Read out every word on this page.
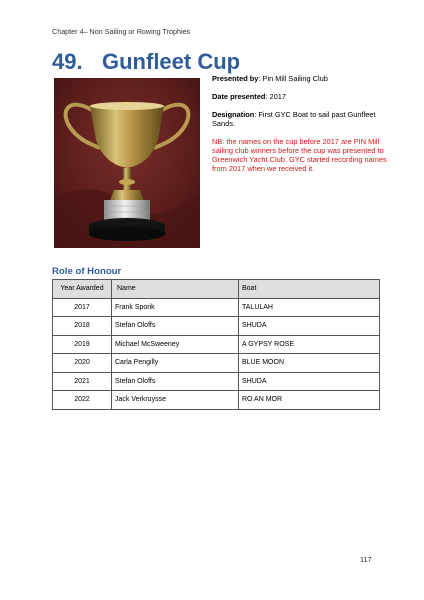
Chapter 4– Non Sailing or Rowing Trophies
49. Gunfleet Cup

Presented by: Pin Mill Sailing Club

Date presented: 2017

Designation: First GYC Boat to sail past Gunfleet Sands.

NB: the names on the cup before 2017 are PIN Mill sailing club winners before the cup was presented to Greenwich Yacht Club. GYC started recording names from 2017 when we received it.

Role of Honour
Year Awarded	Name	Boat
2017	Frank Sporik	TALULAH
2018	Stefan Oloffs	SHUDA
2019	Michael McSweeney	A GYPSY ROSE
2020	Carla Pengilly	BLUE MOON
2021	Stefan Oloffs	SHUDA
2022	Jack Verkruysse	RO AN MOR
117
